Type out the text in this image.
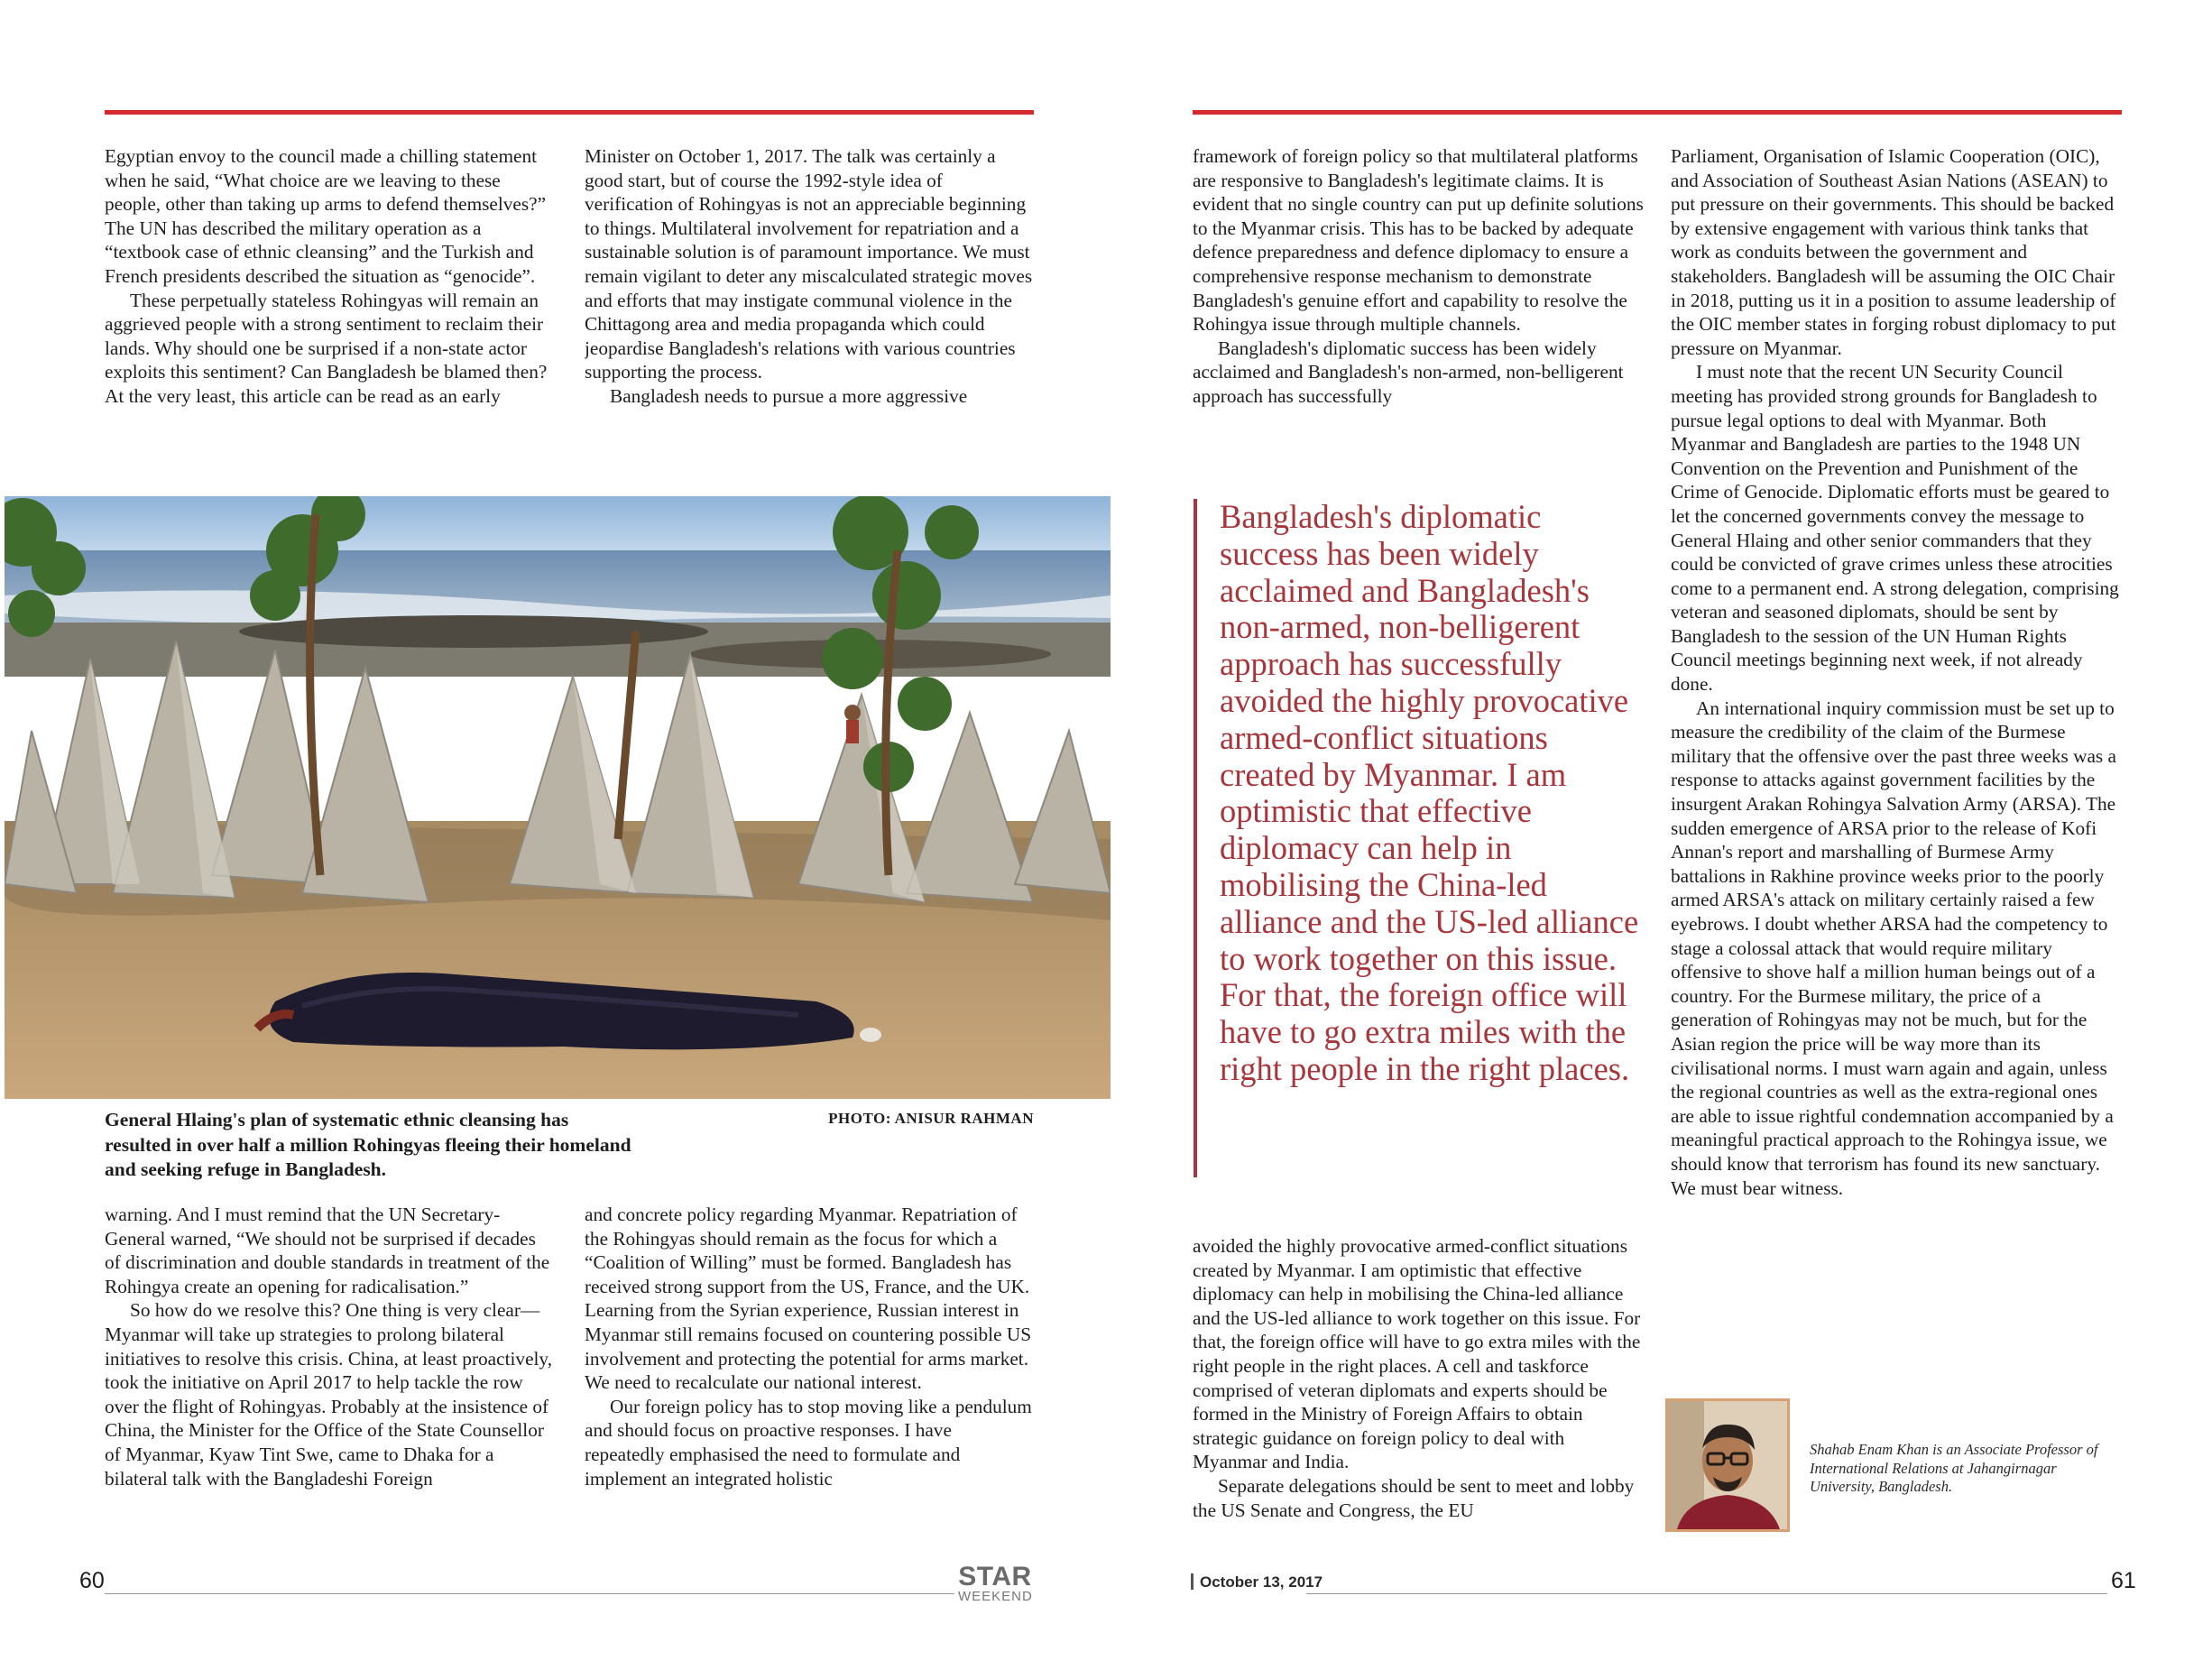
Egyptian envoy to the council made a chilling statement when he said, “What choice are we leaving to these people, other than taking up arms to defend themselves?” The UN has described the military operation as a “textbook case of ethnic cleansing” and the Turkish and French presidents described the situation as “genocide”.

These perpetually stateless Rohingyas will remain an aggrieved people with a strong sentiment to reclaim their lands. Why should one be surprised if a non-state actor exploits this sentiment? Can Bangladesh be blamed then? At the very least, this article can be read as an early

Minister on October 1, 2017. The talk was certainly a good start, but of course the 1992-style idea of verification of Rohingyas is not an appreciable beginning to things. Multilateral involvement for repatriation and a sustainable solution is of paramount importance. We must remain vigilant to deter any miscalculated strategic moves and efforts that may instigate communal violence in the Chittagong area and media propaganda which could jeopardise Bangladesh's relations with various countries supporting the process.

Bangladesh needs to pursue a more aggressive

General Hlaing's plan of systematic ethnic cleansing has resulted in over half a million Rohingyas fleeing their homeland and seeking refuge in Bangladesh.
PHOTO: ANISUR RAHMAN

warning. And I must remind that the UN Secretary-General warned, “We should not be surprised if decades of discrimination and double standards in treatment of the Rohingya create an opening for radicalisation.”

So how do we resolve this? One thing is very clear—Myanmar will take up strategies to prolong bilateral initiatives to resolve this crisis. China, at least proactively, took the initiative on April 2017 to help tackle the row over the flight of Rohingyas. Probably at the insistence of China, the Minister for the Office of the State Counsellor of Myanmar, Kyaw Tint Swe, came to Dhaka for a bilateral talk with the Bangladeshi Foreign

and concrete policy regarding Myanmar. Repatriation of the Rohingyas should remain as the focus for which a “Coalition of Willing” must be formed. Bangladesh has received strong support from the US, France, and the UK. Learning from the Syrian experience, Russian interest in Myanmar still remains focused on countering possible US involvement and protecting the potential for arms market. We need to recalculate our national interest.

Our foreign policy has to stop moving like a pendulum and should focus on proactive responses. I have repeatedly emphasised the need to formulate and implement an integrated holistic

60	STAR
WEEKEND

framework of foreign policy so that multilateral platforms are responsive to Bangladesh's legitimate claims. It is evident that no single country can put up definite solutions to the Myanmar crisis. This has to be backed by adequate defence preparedness and defence diplomacy to ensure a comprehensive response mechanism to demonstrate Bangladesh's genuine effort and capability to resolve the Rohingya issue through multiple channels.

Bangladesh's diplomatic success has been widely acclaimed and Bangladesh's non-armed, non-belligerent approach has successfully

Bangladesh's diplomatic success has been widely acclaimed and Bangladesh's non-armed, non-belligerent approach has successfully avoided the highly provocative armed-conflict situations created by Myanmar. I am optimistic that effective diplomacy can help in mobilising the China-led alliance and the US-led alliance to work together on this issue. For that, the foreign office will have to go extra miles with the right people in the right places.

avoided the highly provocative armed-conflict situations created by Myanmar. I am optimistic that effective diplomacy can help in mobilising the China-led alliance and the US-led alliance to work together on this issue. For that, the foreign office will have to go extra miles with the right people in the right places. A cell and taskforce comprised of veteran diplomats and experts should be formed in the Ministry of Foreign Affairs to obtain strategic guidance on foreign policy to deal with Myanmar and India.

Separate delegations should be sent to meet and lobby the US Senate and Congress, the EU

Parliament, Organisation of Islamic Cooperation (OIC), and Association of Southeast Asian Nations (ASEAN) to put pressure on their governments. This should be backed by extensive engagement with various think tanks that work as conduits between the government and stakeholders. Bangladesh will be assuming the OIC Chair in 2018, putting us it in a position to assume leadership of the OIC member states in forging robust diplomacy to put pressure on Myanmar.

I must note that the recent UN Security Council meeting has provided strong grounds for Bangladesh to pursue legal options to deal with Myanmar. Both Myanmar and Bangladesh are parties to the 1948 UN Convention on the Prevention and Punishment of the Crime of Genocide. Diplomatic efforts must be geared to let the concerned governments convey the message to General Hlaing and other senior commanders that they could be convicted of grave crimes unless these atrocities come to a permanent end. A strong delegation, comprising veteran and seasoned diplomats, should be sent by Bangladesh to the session of the UN Human Rights Council meetings beginning next week, if not already done.

An international inquiry commission must be set up to measure the credibility of the claim of the Burmese military that the offensive over the past three weeks was a response to attacks against government facilities by the insurgent Arakan Rohingya Salvation Army (ARSA). The sudden emergence of ARSA prior to the release of Kofi Annan's report and marshalling of Burmese Army battalions in Rakhine province weeks prior to the poorly armed ARSA's attack on military certainly raised a few eyebrows. I doubt whether ARSA had the competency to stage a colossal attack that would require military offensive to shove half a million human beings out of a country. For the Burmese military, the price of a generation of Rohingyas may not be much, but for the Asian region the price will be way more than its civilisational norms. I must warn again and again, unless the regional countries as well as the extra-regional ones are able to issue rightful condemnation accompanied by a meaningful practical approach to the Rohingya issue, we should know that terrorism has found its new sanctuary. We must bear witness.

Shahab Enam Khan is an Associate Professor of International Relations at Jahangirnagar University, Bangladesh.
October 13, 2017	61
